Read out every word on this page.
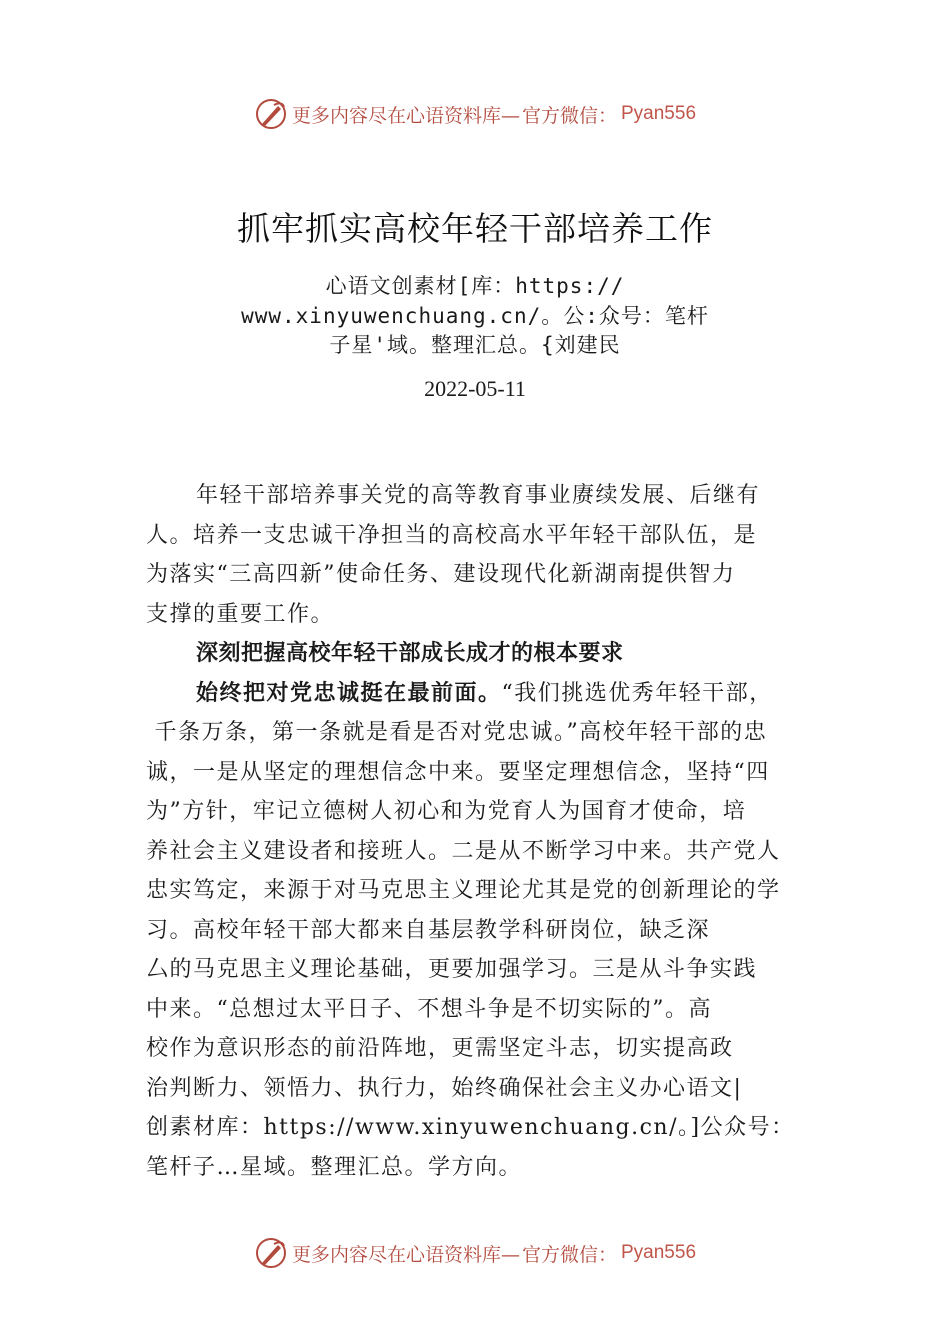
更多内容尽在心语资料库— 官方微信： Pyan556
抓牢抓实高校年轻干部培养工作
心语文创素材[库：https://
www.xinyuwenchuang.cn/。公:众号：笔杆
子星'域。整理汇总。{刘建民
2022-05-11
年轻干部培养事关党的高等教育事业赓续发展、后继有
人。培养一支忠诚干净担当的高校高水平年轻干部队伍，是
为落实“三高四新”使命任务、建设现代化新湖南提供智力
支撑的重要工作。
深刻把握高校年轻干部成长成才的根本要求
始终把对党忠诚挺在最前面。“我们挑选优秀年轻干部，
千条万条，第一条就是看是否对党忠诚。”高校年轻干部的忠
诚，一是从坚定的理想信念中来。要坚定理想信念，坚持“四
为”方针，牢记立德树人初心和为党育人为国育才使命，培
养社会主义建设者和接班人。二是从不断学习中来。共产党人
忠实笃定，来源于对马克思主义理论尤其是党的创新理论的学
习。高校年轻干部大都来自基层教学科研岗位，缺乏深
厶的马克思主义理论基础，更要加强学习。三是从斗争实践
中来。“总想过太平日子、不想斗争是不切实际的”。高
校作为意识形态的前沿阵地，更需坚定斗志，切实提高政
治判断力、领悟力、执行力，始终确保社会主义办心语文|
创素材库：https://www.xinyuwenchuang.cn/。]公众号：
笔杆子…星域。整理汇总。学方向。
更多内容尽在心语资料库— 官方微信： Pyan556
